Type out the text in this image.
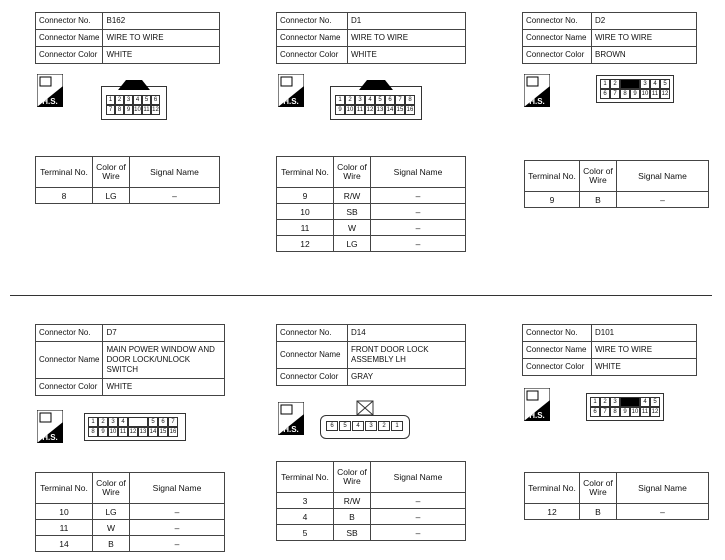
Connector No.	B162
Connector Name	WIRE TO WIRE
Connector Color	WHITE
H.S.	1 2 3 4 5 6
7 8 9 10 11 12
Terminal No.	Color of Wire	Signal Name
8	LG	–
Connector No.	D1
Connector Name	WIRE TO WIRE
Connector Color	WHITE
H.S.	1	2	3	4	5	6	7	8
9 10 11 12 13 14 15 16
Terminal No.	Color of Wire	Signal Name
9	R/W	–
10	SB	–
11	W	–
12	LG	–
Connector No.	D2
Connector Name	WIRE TO WIRE
Connector Color	BROWN
H.S.
1	2	3	4	5
6	7	8	9 10 11 12
Terminal No.	Color of Wire	Signal Name
9	B	–
Connector No.	D7
Connector Name	MAIN POWER WINDOW AND DOOR LOCK/UNLOCK SWITCH
Connector Color	WHITE
H.S.
1	2	3	4	5	6	7
8	9 10 11 12 13 14 15 16
Terminal No.	Color of Wire	Signal Name
10	LG	–
11	W	–
14	B	–
Connector No.	D14
Connector Name	FRONT DOOR LOCK ASSEMBLY LH
Connector Color	GRAY
H.S.	6	5	4	3	2	1
Terminal No.	Color of Wire	Signal Name
3	R/W	–
4	B	–
5	SB	–
Connector No.	D101
Connector Name	WIRE TO WIRE
Connector Color	WHITE
H.S.
1	2	3	4	5
6	7	8	9 10 11 12
Terminal No.	Color of Wire	Signal Name
12	B	–
